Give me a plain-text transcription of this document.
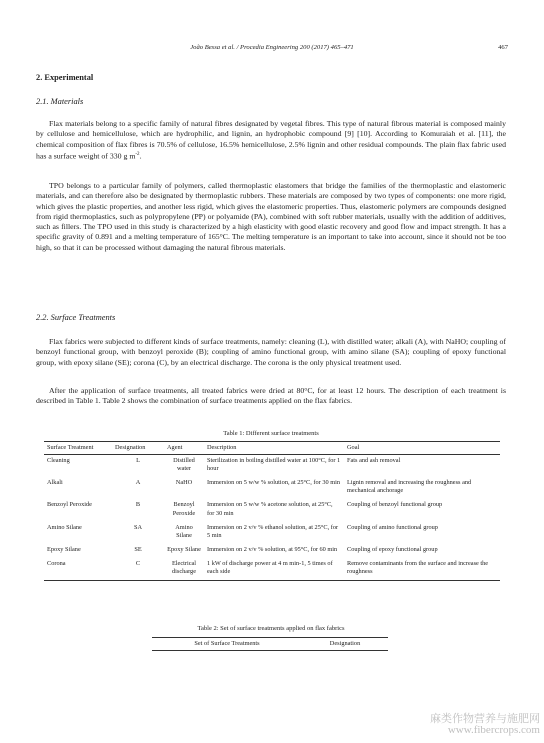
João Bessa et al. / Procedia Engineering 200 (2017) 465–471	467
2. Experimental
2.1. Materials

Flax materials belong to a specific family of natural fibres designated by vegetal fibres. This type of natural fibrous material is composed mainly by cellulose and hemicellulose, which are hydrophilic, and lignin, an hydrophobic compound [9] [10]. According to Komuraiah et al. [11], the chemical composition of flax fibres is 70.5% of cellulose, 16.5% hemicellulose, 2.5% lignin and other residual compounds. The plain flax fabric used has a surface weight of 330 g $m^{-2}$.

TPO belongs to a particular family of polymers, called thermoplastic elastomers that bridge the families of the thermoplastic and elastomeric materials, and can therefore also be designated by thermoplastic rubbers. These materials are composed by two types of components: one more rigid, which gives the plastic properties, and another less rigid, which gives the elastomeric properties. Thus, elastomeric polymers are compounds designed from rigid thermoplastics, such as polypropylene (PP) or polyamide (PA), combined with soft rubber materials, usually with the addition of additives, such as fillers. The TPO used in this study is characterized by a high elasticity with good elastic recovery and good flow and impact strength. It has a specific gravity of 0.891 and a melting temperature of 165°C. The melting temperature is an important to take into account, since it should not be too high, so that it can be processed without damaging the natural fibrous materials.

2.2. Surface Treatments

Flax fabrics were subjected to different kinds of surface treatments, namely: cleaning (L), with distilled water; alkali (A), with NaHO; coupling of benzoyl functional group, with benzoyl peroxide (B); coupling of amino functional group, with amino silane (SA); coupling of epoxy functional group, with epoxy silane (SE); corona (C), by an electrical discharge. The corona is the only physical treatment used.

After the application of surface treatments, all treated fabrics were dried at 80°C, for at least 12 hours. The description of each treatment is described in Table 1. Table 2 shows the combination of surface treatments applied on the flax fabrics.

Table 1: Different surface treatments
Surface Treatment	Designation	Agent	Description	Goal
Cleaning	L	Distilled water	Sterilization in boiling distilled water at 100°C, for 1 hour	Fats and ash removal
Alkali	A	NaHO	Immersion on 5 w/w % solution, at 25°C, for 30 min	Lignin removal and increasing the roughness and mechanical anchorage
Benzoyl Peroxide	B	Benzoyl Peroxide	Immersion on 5 w/w % acetone solution, at 25°C, for 30 min	Coupling of benzoyl functional group
Amino Silane	SA	Amino Silane	Immersion on 2 v/v % ethanol solution, at 25°C, for 5 min	Coupling of amino functional group
Epoxy Silane	SE	Epoxy Silane	Immersion on 2 v/v % solution, at 95°C, for 60 min	Coupling of epoxy functional group
Corona	C	Electrical discharge	1 kW of discharge power at 4 m min-1, 5 times of each side	Remove contaminants from the surface and increase the roughness
Table 2: Set of surface treatments applied on flax fabrics
Set of Surface Treatments	Designation
麻类作物营养与施肥网
www.fibercrops.com
